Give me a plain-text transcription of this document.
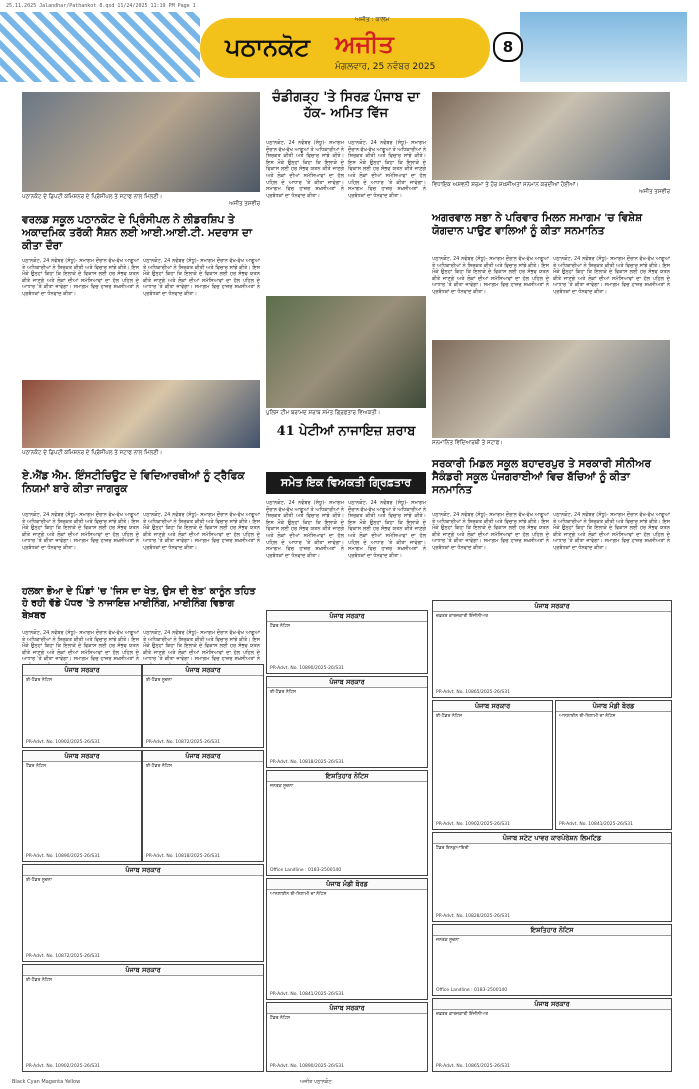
25.11.2025 Jalandhar/Pathankot 8.qxd 11/24/2025 11:19 PM Page 1
ਪਠਾਨਕੋਟ
ਅਜੀਤ : ਕਾਲਮ
ਅਜੀਤ
ਮੰਗਲਵਾਰ, 25 ਨਵੰਬਰ 2025
8
ਪਠਾਨਕੋਟ ਦੇ ਡਿਪਟੀ ਕਮਿਸ਼ਨਰ ਦੇ ਪ੍ਰਿੰਸੀਪਲ ਤੇ ਸਟਾਫ ਨਾਲ ਮਿਲਣੀ।
ਅਜੀਤ ਤਸਵੀਰ
ਚੰਡੀਗੜ੍ਹ 'ਤੇ ਸਿਰਫ਼ ਪੰਜਾਬ ਦਾ ਹੱਕ- ਅਮਿਤ ਵਿੱਜ
ਪਠਾਨਕੋਟ, 24 ਨਵੰਬਰ (ਸੰਧੂ)- ਸਮਾਗਮ ਦੌਰਾਨ ਵੱਖ-ਵੱਖ ਆਗੂਆਂ ਤੇ ਅਧਿਕਾਰੀਆਂ ਨੇ ਸ਼ਿਰਕਤ ਕੀਤੀ ਅਤੇ ਵਿਚਾਰ ਸਾਂਝੇ ਕੀਤੇ। ਇਸ ਮੌਕੇ ਉਨ੍ਹਾਂ ਕਿਹਾ ਕਿ ਇਲਾਕੇ ਦੇ ਵਿਕਾਸ ਲਈ ਹਰ ਸੰਭਵ ਯਤਨ ਕੀਤੇ ਜਾਣਗੇ ਅਤੇ ਲੋਕਾਂ ਦੀਆਂ ਸਮੱਸਿਆਵਾਂ ਦਾ ਹੱਲ ਪਹਿਲ ਦੇ ਆਧਾਰ 'ਤੇ ਕੀਤਾ ਜਾਵੇਗਾ। ਸਮਾਗਮ ਵਿਚ ਹਾਜ਼ਰ ਸ਼ਖ਼ਸੀਅਤਾਂ ਨੇ ਪ੍ਰਬੰਧਕਾਂ ਦਾ ਧੰਨਵਾਦ ਕੀਤਾ।
ਪਠਾਨਕੋਟ, 24 ਨਵੰਬਰ (ਸੰਧੂ)- ਸਮਾਗਮ ਦੌਰਾਨ ਵੱਖ-ਵੱਖ ਆਗੂਆਂ ਤੇ ਅਧਿਕਾਰੀਆਂ ਨੇ ਸ਼ਿਰਕਤ ਕੀਤੀ ਅਤੇ ਵਿਚਾਰ ਸਾਂਝੇ ਕੀਤੇ। ਇਸ ਮੌਕੇ ਉਨ੍ਹਾਂ ਕਿਹਾ ਕਿ ਇਲਾਕੇ ਦੇ ਵਿਕਾਸ ਲਈ ਹਰ ਸੰਭਵ ਯਤਨ ਕੀਤੇ ਜਾਣਗੇ ਅਤੇ ਲੋਕਾਂ ਦੀਆਂ ਸਮੱਸਿਆਵਾਂ ਦਾ ਹੱਲ ਪਹਿਲ ਦੇ ਆਧਾਰ 'ਤੇ ਕੀਤਾ ਜਾਵੇਗਾ। ਸਮਾਗਮ ਵਿਚ ਹਾਜ਼ਰ ਸ਼ਖ਼ਸੀਅਤਾਂ ਨੇ ਪ੍ਰਬੰਧਕਾਂ ਦਾ ਧੰਨਵਾਦ ਕੀਤਾ।
ਵਿਧਾਇਕ ਅਸ਼ਵਨੀ ਸ਼ਰਮਾ ਤੇ ਹੋਰ ਸ਼ਖ਼ਸੀਅਤਾਂ ਸਨਮਾਨ ਕਰਦੀਆਂ ਹੋਈਆਂ।
ਅਜੀਤ ਤਸਵੀਰ
ਵਰਲਡ ਸਕੂਲ ਪਠਾਨਕੋਟ ਦੇ ਪ੍ਰਿੰਸੀਪਲ ਨੇ ਲੀਡਰਸ਼ਿਪ ਤੇ ਅਕਾਦਮਿਕ ਤਰੱਕੀ ਸੈਸ਼ਨ ਲਈ ਆਈ.ਆਈ.ਟੀ. ਮਦਰਾਸ ਦਾ ਕੀਤਾ ਦੌਰਾ
ਪਠਾਨਕੋਟ, 24 ਨਵੰਬਰ (ਸੰਧੂ)- ਸਮਾਗਮ ਦੌਰਾਨ ਵੱਖ-ਵੱਖ ਆਗੂਆਂ ਤੇ ਅਧਿਕਾਰੀਆਂ ਨੇ ਸ਼ਿਰਕਤ ਕੀਤੀ ਅਤੇ ਵਿਚਾਰ ਸਾਂਝੇ ਕੀਤੇ। ਇਸ ਮੌਕੇ ਉਨ੍ਹਾਂ ਕਿਹਾ ਕਿ ਇਲਾਕੇ ਦੇ ਵਿਕਾਸ ਲਈ ਹਰ ਸੰਭਵ ਯਤਨ ਕੀਤੇ ਜਾਣਗੇ ਅਤੇ ਲੋਕਾਂ ਦੀਆਂ ਸਮੱਸਿਆਵਾਂ ਦਾ ਹੱਲ ਪਹਿਲ ਦੇ ਆਧਾਰ 'ਤੇ ਕੀਤਾ ਜਾਵੇਗਾ। ਸਮਾਗਮ ਵਿਚ ਹਾਜ਼ਰ ਸ਼ਖ਼ਸੀਅਤਾਂ ਨੇ ਪ੍ਰਬੰਧਕਾਂ ਦਾ ਧੰਨਵਾਦ ਕੀਤਾ।
ਪਠਾਨਕੋਟ, 24 ਨਵੰਬਰ (ਸੰਧੂ)- ਸਮਾਗਮ ਦੌਰਾਨ ਵੱਖ-ਵੱਖ ਆਗੂਆਂ ਤੇ ਅਧਿਕਾਰੀਆਂ ਨੇ ਸ਼ਿਰਕਤ ਕੀਤੀ ਅਤੇ ਵਿਚਾਰ ਸਾਂਝੇ ਕੀਤੇ। ਇਸ ਮੌਕੇ ਉਨ੍ਹਾਂ ਕਿਹਾ ਕਿ ਇਲਾਕੇ ਦੇ ਵਿਕਾਸ ਲਈ ਹਰ ਸੰਭਵ ਯਤਨ ਕੀਤੇ ਜਾਣਗੇ ਅਤੇ ਲੋਕਾਂ ਦੀਆਂ ਸਮੱਸਿਆਵਾਂ ਦਾ ਹੱਲ ਪਹਿਲ ਦੇ ਆਧਾਰ 'ਤੇ ਕੀਤਾ ਜਾਵੇਗਾ। ਸਮਾਗਮ ਵਿਚ ਹਾਜ਼ਰ ਸ਼ਖ਼ਸੀਅਤਾਂ ਨੇ ਪ੍ਰਬੰਧਕਾਂ ਦਾ ਧੰਨਵਾਦ ਕੀਤਾ।
ਪਠਾਨਕੋਟ ਦੇ ਡਿਪਟੀ ਕਮਿਸ਼ਨਰ ਦੇ ਪ੍ਰਿੰਸੀਪਲ ਤੇ ਸਟਾਫ ਨਾਲ ਮਿਲਣੀ।
ਅਗਰਵਾਲ ਸਭਾ ਨੇ ਪਰਿਵਾਰ ਮਿਲਨ ਸਮਾਗਮ 'ਚ ਵਿਸ਼ੇਸ਼ ਯੋਗਦਾਨ ਪਾਉਣ ਵਾਲਿਆਂ ਨੂੰ ਕੀਤਾ ਸਨਮਾਨਿਤ
ਪਠਾਨਕੋਟ, 24 ਨਵੰਬਰ (ਸੰਧੂ)- ਸਮਾਗਮ ਦੌਰਾਨ ਵੱਖ-ਵੱਖ ਆਗੂਆਂ ਤੇ ਅਧਿਕਾਰੀਆਂ ਨੇ ਸ਼ਿਰਕਤ ਕੀਤੀ ਅਤੇ ਵਿਚਾਰ ਸਾਂਝੇ ਕੀਤੇ। ਇਸ ਮੌਕੇ ਉਨ੍ਹਾਂ ਕਿਹਾ ਕਿ ਇਲਾਕੇ ਦੇ ਵਿਕਾਸ ਲਈ ਹਰ ਸੰਭਵ ਯਤਨ ਕੀਤੇ ਜਾਣਗੇ ਅਤੇ ਲੋਕਾਂ ਦੀਆਂ ਸਮੱਸਿਆਵਾਂ ਦਾ ਹੱਲ ਪਹਿਲ ਦੇ ਆਧਾਰ 'ਤੇ ਕੀਤਾ ਜਾਵੇਗਾ। ਸਮਾਗਮ ਵਿਚ ਹਾਜ਼ਰ ਸ਼ਖ਼ਸੀਅਤਾਂ ਨੇ ਪ੍ਰਬੰਧਕਾਂ ਦਾ ਧੰਨਵਾਦ ਕੀਤਾ।
ਪਠਾਨਕੋਟ, 24 ਨਵੰਬਰ (ਸੰਧੂ)- ਸਮਾਗਮ ਦੌਰਾਨ ਵੱਖ-ਵੱਖ ਆਗੂਆਂ ਤੇ ਅਧਿਕਾਰੀਆਂ ਨੇ ਸ਼ਿਰਕਤ ਕੀਤੀ ਅਤੇ ਵਿਚਾਰ ਸਾਂਝੇ ਕੀਤੇ। ਇਸ ਮੌਕੇ ਉਨ੍ਹਾਂ ਕਿਹਾ ਕਿ ਇਲਾਕੇ ਦੇ ਵਿਕਾਸ ਲਈ ਹਰ ਸੰਭਵ ਯਤਨ ਕੀਤੇ ਜਾਣਗੇ ਅਤੇ ਲੋਕਾਂ ਦੀਆਂ ਸਮੱਸਿਆਵਾਂ ਦਾ ਹੱਲ ਪਹਿਲ ਦੇ ਆਧਾਰ 'ਤੇ ਕੀਤਾ ਜਾਵੇਗਾ। ਸਮਾਗਮ ਵਿਚ ਹਾਜ਼ਰ ਸ਼ਖ਼ਸੀਅਤਾਂ ਨੇ ਪ੍ਰਬੰਧਕਾਂ ਦਾ ਧੰਨਵਾਦ ਕੀਤਾ।
ਸਨਮਾਨਿਤ ਵਿਦਿਆਰਥੀ ਤੇ ਸਟਾਫ।
ਪੁਲਿਸ ਟੀਮ ਬਰਾਮਦ ਸ਼ਰਾਬ ਸਮੇਤ ਗ੍ਰਿਫ਼ਤਾਰ ਵਿਅਕਤੀ।
41 ਪੇਟੀਆਂ ਨਾਜਾਇਜ਼ ਸ਼ਰਾਬ
ਸਮੇਤ ਇਕ ਵਿਅਕਤੀ ਗ੍ਰਿਫ਼ਤਾਰ
ਏ.ਐਂਡ ਐਮ. ਇੰਸਟੀਚਿਊਟ ਦੇ ਵਿਦਿਆਰਥੀਆਂ ਨੂੰ ਟ੍ਰੈਫਿਕ ਨਿਯਮਾਂ ਬਾਰੇ ਕੀਤਾ ਜਾਗਰੂਕ
ਪਠਾਨਕੋਟ, 24 ਨਵੰਬਰ (ਸੰਧੂ)- ਸਮਾਗਮ ਦੌਰਾਨ ਵੱਖ-ਵੱਖ ਆਗੂਆਂ ਤੇ ਅਧਿਕਾਰੀਆਂ ਨੇ ਸ਼ਿਰਕਤ ਕੀਤੀ ਅਤੇ ਵਿਚਾਰ ਸਾਂਝੇ ਕੀਤੇ। ਇਸ ਮੌਕੇ ਉਨ੍ਹਾਂ ਕਿਹਾ ਕਿ ਇਲਾਕੇ ਦੇ ਵਿਕਾਸ ਲਈ ਹਰ ਸੰਭਵ ਯਤਨ ਕੀਤੇ ਜਾਣਗੇ ਅਤੇ ਲੋਕਾਂ ਦੀਆਂ ਸਮੱਸਿਆਵਾਂ ਦਾ ਹੱਲ ਪਹਿਲ ਦੇ ਆਧਾਰ 'ਤੇ ਕੀਤਾ ਜਾਵੇਗਾ। ਸਮਾਗਮ ਵਿਚ ਹਾਜ਼ਰ ਸ਼ਖ਼ਸੀਅਤਾਂ ਨੇ ਪ੍ਰਬੰਧਕਾਂ ਦਾ ਧੰਨਵਾਦ ਕੀਤਾ।
ਪਠਾਨਕੋਟ, 24 ਨਵੰਬਰ (ਸੰਧੂ)- ਸਮਾਗਮ ਦੌਰਾਨ ਵੱਖ-ਵੱਖ ਆਗੂਆਂ ਤੇ ਅਧਿਕਾਰੀਆਂ ਨੇ ਸ਼ਿਰਕਤ ਕੀਤੀ ਅਤੇ ਵਿਚਾਰ ਸਾਂਝੇ ਕੀਤੇ। ਇਸ ਮੌਕੇ ਉਨ੍ਹਾਂ ਕਿਹਾ ਕਿ ਇਲਾਕੇ ਦੇ ਵਿਕਾਸ ਲਈ ਹਰ ਸੰਭਵ ਯਤਨ ਕੀਤੇ ਜਾਣਗੇ ਅਤੇ ਲੋਕਾਂ ਦੀਆਂ ਸਮੱਸਿਆਵਾਂ ਦਾ ਹੱਲ ਪਹਿਲ ਦੇ ਆਧਾਰ 'ਤੇ ਕੀਤਾ ਜਾਵੇਗਾ। ਸਮਾਗਮ ਵਿਚ ਹਾਜ਼ਰ ਸ਼ਖ਼ਸੀਅਤਾਂ ਨੇ ਪ੍ਰਬੰਧਕਾਂ ਦਾ ਧੰਨਵਾਦ ਕੀਤਾ।
ਪਠਾਨਕੋਟ, 24 ਨਵੰਬਰ (ਸੰਧੂ)- ਸਮਾਗਮ ਦੌਰਾਨ ਵੱਖ-ਵੱਖ ਆਗੂਆਂ ਤੇ ਅਧਿਕਾਰੀਆਂ ਨੇ ਸ਼ਿਰਕਤ ਕੀਤੀ ਅਤੇ ਵਿਚਾਰ ਸਾਂਝੇ ਕੀਤੇ। ਇਸ ਮੌਕੇ ਉਨ੍ਹਾਂ ਕਿਹਾ ਕਿ ਇਲਾਕੇ ਦੇ ਵਿਕਾਸ ਲਈ ਹਰ ਸੰਭਵ ਯਤਨ ਕੀਤੇ ਜਾਣਗੇ ਅਤੇ ਲੋਕਾਂ ਦੀਆਂ ਸਮੱਸਿਆਵਾਂ ਦਾ ਹੱਲ ਪਹਿਲ ਦੇ ਆਧਾਰ 'ਤੇ ਕੀਤਾ ਜਾਵੇਗਾ। ਸਮਾਗਮ ਵਿਚ ਹਾਜ਼ਰ ਸ਼ਖ਼ਸੀਅਤਾਂ ਨੇ ਪ੍ਰਬੰਧਕਾਂ ਦਾ ਧੰਨਵਾਦ ਕੀਤਾ।
ਪਠਾਨਕੋਟ, 24 ਨਵੰਬਰ (ਸੰਧੂ)- ਸਮਾਗਮ ਦੌਰਾਨ ਵੱਖ-ਵੱਖ ਆਗੂਆਂ ਤੇ ਅਧਿਕਾਰੀਆਂ ਨੇ ਸ਼ਿਰਕਤ ਕੀਤੀ ਅਤੇ ਵਿਚਾਰ ਸਾਂਝੇ ਕੀਤੇ। ਇਸ ਮੌਕੇ ਉਨ੍ਹਾਂ ਕਿਹਾ ਕਿ ਇਲਾਕੇ ਦੇ ਵਿਕਾਸ ਲਈ ਹਰ ਸੰਭਵ ਯਤਨ ਕੀਤੇ ਜਾਣਗੇ ਅਤੇ ਲੋਕਾਂ ਦੀਆਂ ਸਮੱਸਿਆਵਾਂ ਦਾ ਹੱਲ ਪਹਿਲ ਦੇ ਆਧਾਰ 'ਤੇ ਕੀਤਾ ਜਾਵੇਗਾ। ਸਮਾਗਮ ਵਿਚ ਹਾਜ਼ਰ ਸ਼ਖ਼ਸੀਅਤਾਂ ਨੇ ਪ੍ਰਬੰਧਕਾਂ ਦਾ ਧੰਨਵਾਦ ਕੀਤਾ।
ਸਰਕਾਰੀ ਮਿਡਲ ਸਕੂਲ ਬਹਾਦਰਪੁਰ ਤੇ ਸਰਕਾਰੀ ਸੀਨੀਅਰ ਸੈਕੰਡਰੀ ਸਕੂਲ ਪੰਜਗਰਾਈਆਂ ਵਿਚ ਬੱਚਿਆਂ ਨੂੰ ਕੀਤਾ ਸਨਮਾਨਿਤ
ਪਠਾਨਕੋਟ, 24 ਨਵੰਬਰ (ਸੰਧੂ)- ਸਮਾਗਮ ਦੌਰਾਨ ਵੱਖ-ਵੱਖ ਆਗੂਆਂ ਤੇ ਅਧਿਕਾਰੀਆਂ ਨੇ ਸ਼ਿਰਕਤ ਕੀਤੀ ਅਤੇ ਵਿਚਾਰ ਸਾਂਝੇ ਕੀਤੇ। ਇਸ ਮੌਕੇ ਉਨ੍ਹਾਂ ਕਿਹਾ ਕਿ ਇਲਾਕੇ ਦੇ ਵਿਕਾਸ ਲਈ ਹਰ ਸੰਭਵ ਯਤਨ ਕੀਤੇ ਜਾਣਗੇ ਅਤੇ ਲੋਕਾਂ ਦੀਆਂ ਸਮੱਸਿਆਵਾਂ ਦਾ ਹੱਲ ਪਹਿਲ ਦੇ ਆਧਾਰ 'ਤੇ ਕੀਤਾ ਜਾਵੇਗਾ। ਸਮਾਗਮ ਵਿਚ ਹਾਜ਼ਰ ਸ਼ਖ਼ਸੀਅਤਾਂ ਨੇ ਪ੍ਰਬੰਧਕਾਂ ਦਾ ਧੰਨਵਾਦ ਕੀਤਾ।
ਪਠਾਨਕੋਟ, 24 ਨਵੰਬਰ (ਸੰਧੂ)- ਸਮਾਗਮ ਦੌਰਾਨ ਵੱਖ-ਵੱਖ ਆਗੂਆਂ ਤੇ ਅਧਿਕਾਰੀਆਂ ਨੇ ਸ਼ਿਰਕਤ ਕੀਤੀ ਅਤੇ ਵਿਚਾਰ ਸਾਂਝੇ ਕੀਤੇ। ਇਸ ਮੌਕੇ ਉਨ੍ਹਾਂ ਕਿਹਾ ਕਿ ਇਲਾਕੇ ਦੇ ਵਿਕਾਸ ਲਈ ਹਰ ਸੰਭਵ ਯਤਨ ਕੀਤੇ ਜਾਣਗੇ ਅਤੇ ਲੋਕਾਂ ਦੀਆਂ ਸਮੱਸਿਆਵਾਂ ਦਾ ਹੱਲ ਪਹਿਲ ਦੇ ਆਧਾਰ 'ਤੇ ਕੀਤਾ ਜਾਵੇਗਾ। ਸਮਾਗਮ ਵਿਚ ਹਾਜ਼ਰ ਸ਼ਖ਼ਸੀਅਤਾਂ ਨੇ ਪ੍ਰਬੰਧਕਾਂ ਦਾ ਧੰਨਵਾਦ ਕੀਤਾ।
ਹਲਕਾ ਭੋਆ ਦੇ ਪਿੰਡਾਂ 'ਚ 'ਜਿਸ ਦਾ ਖੇਤ, ਉਸ ਦੀ ਰੇਤ' ਕਾਨੂੰਨ ਤਹਿਤ ਹੋ ਰਹੀ ਵੱਡੇ ਪੱਧਰ 'ਤੇ ਨਾਜਾਇਜ਼ ਮਾਈਨਿੰਗ, ਮਾਈਨਿੰਗ ਵਿਭਾਗ ਬੇਖ਼ਬਰ
ਪਠਾਨਕੋਟ, 24 ਨਵੰਬਰ (ਸੰਧੂ)- ਸਮਾਗਮ ਦੌਰਾਨ ਵੱਖ-ਵੱਖ ਆਗੂਆਂ ਤੇ ਅਧਿਕਾਰੀਆਂ ਨੇ ਸ਼ਿਰਕਤ ਕੀਤੀ ਅਤੇ ਵਿਚਾਰ ਸਾਂਝੇ ਕੀਤੇ। ਇਸ ਮੌਕੇ ਉਨ੍ਹਾਂ ਕਿਹਾ ਕਿ ਇਲਾਕੇ ਦੇ ਵਿਕਾਸ ਲਈ ਹਰ ਸੰਭਵ ਯਤਨ ਕੀਤੇ ਜਾਣਗੇ ਅਤੇ ਲੋਕਾਂ ਦੀਆਂ ਸਮੱਸਿਆਵਾਂ ਦਾ ਹੱਲ ਪਹਿਲ ਦੇ ਆਧਾਰ 'ਤੇ ਕੀਤਾ ਜਾਵੇਗਾ। ਸਮਾਗਮ ਵਿਚ ਹਾਜ਼ਰ ਸ਼ਖ਼ਸੀਅਤਾਂ ਨੇ
ਪਠਾਨਕੋਟ, 24 ਨਵੰਬਰ (ਸੰਧੂ)- ਸਮਾਗਮ ਦੌਰਾਨ ਵੱਖ-ਵੱਖ ਆਗੂਆਂ ਤੇ ਅਧਿਕਾਰੀਆਂ ਨੇ ਸ਼ਿਰਕਤ ਕੀਤੀ ਅਤੇ ਵਿਚਾਰ ਸਾਂਝੇ ਕੀਤੇ। ਇਸ ਮੌਕੇ ਉਨ੍ਹਾਂ ਕਿਹਾ ਕਿ ਇਲਾਕੇ ਦੇ ਵਿਕਾਸ ਲਈ ਹਰ ਸੰਭਵ ਯਤਨ ਕੀਤੇ ਜਾਣਗੇ ਅਤੇ ਲੋਕਾਂ ਦੀਆਂ ਸਮੱਸਿਆਵਾਂ ਦਾ ਹੱਲ ਪਹਿਲ ਦੇ ਆਧਾਰ 'ਤੇ ਕੀਤਾ ਜਾਵੇਗਾ। ਸਮਾਗਮ ਵਿਚ ਹਾਜ਼ਰ ਸ਼ਖ਼ਸੀਅਤਾਂ ਨੇ
ਪੰਜਾਬ ਸਰਕਾਰ
ਈ-ਟੈਂਡਰ ਨੋਟਿਸ
PR-Advt. No. 10902/2025-26/S31
ਪੰਜਾਬ ਸਰਕਾਰ
ਈ-ਟੈਂਡਰ ਸੂਚਨਾ
PR-Advt. No. 10872/2025-26/S31
ਪੰਜਾਬ ਸਰਕਾਰ
ਟੈਂਡਰ ਨੋਟਿਸ
PR-Advt. No. 10890/2025-26/S31
ਪੰਜਾਬ ਸਰਕਾਰ
ਈ-ਟੈਂਡਰ ਨੋਟਿਸ
PR-Advt. No. 10818/2025-26/S31
ਪੰਜਾਬ ਸਰਕਾਰ
ਦਫ਼ਤਰ ਕਾਰਜਕਾਰੀ ਇੰਜੀਨੀਅਰ
PR-Advt. No. 10865/2025-26/S31
ਪੰਜਾਬ ਮੰਡੀ ਬੋਰਡ
ਆਨਲਾਈਨ ਈ-ਨਿਲਾਮੀ ਦਾ ਨੋਟਿਸ
PR-Advt. No. 10841/2025-26/S31
ਪੰਜਾਬ ਸਰਕਾਰ
ਈ-ਟੈਂਡਰ ਨੋਟਿਸ
PR-Advt. No. 10902/2025-26/S31
ਪੰਜਾਬ ਸਰਕਾਰ
ਟੈਂਡਰ ਨੋਟਿਸ
PR-Advt. No. 10890/2025-26/S31
ਪੰਜਾਬ ਸਰਕਾਰ
ਈ-ਟੈਂਡਰ ਨੋਟਿਸ
PR-Advt. No. 10818/2025-26/S31
ਇਸ਼ਤਿਹਾਰ ਨੋਟਿਸ
ਜਨਤਕ ਸੂਚਨਾ
Office Landline : 0183-2500140
ਪੰਜਾਬ ਸਟੇਟ ਪਾਵਰ ਕਾਰਪੋਰੇਸ਼ਨ ਲਿਮਟਿਡ
ਟੈਂਡਰ ਇਨਕੁਆਇਰੀ
PR-Advt. No. 10828/2025-26/S31
ਪੰਜਾਬ ਸਰਕਾਰ
ਈ-ਟੈਂਡਰ ਸੂਚਨਾ
PR-Advt. No. 10872/2025-26/S31
ਪੰਜਾਬ ਮੰਡੀ ਬੋਰਡ
ਆਨਲਾਈਨ ਈ-ਨਿਲਾਮੀ ਦਾ ਨੋਟਿਸ
PR-Advt. No. 10841/2025-26/S31
ਇਸ਼ਤਿਹਾਰ ਨੋਟਿਸ
ਜਨਤਕ ਸੂਚਨਾ
Office Landline : 0183-2500140
ਪੰਜਾਬ ਸਰਕਾਰ
ਈ-ਟੈਂਡਰ ਨੋਟਿਸ
PR-Advt. No. 10902/2025-26/S31
ਪੰਜਾਬ ਸਰਕਾਰ
ਟੈਂਡਰ ਨੋਟਿਸ
PR-Advt. No. 10890/2025-26/S31
ਪੰਜਾਬ ਸਰਕਾਰ
ਦਫ਼ਤਰ ਕਾਰਜਕਾਰੀ ਇੰਜੀਨੀਅਰ
PR-Advt. No. 10865/2025-26/S31
Black Cyan Magenta Yellow	ਅਜੀਤ ਪਠਾਨਕੋਟ
